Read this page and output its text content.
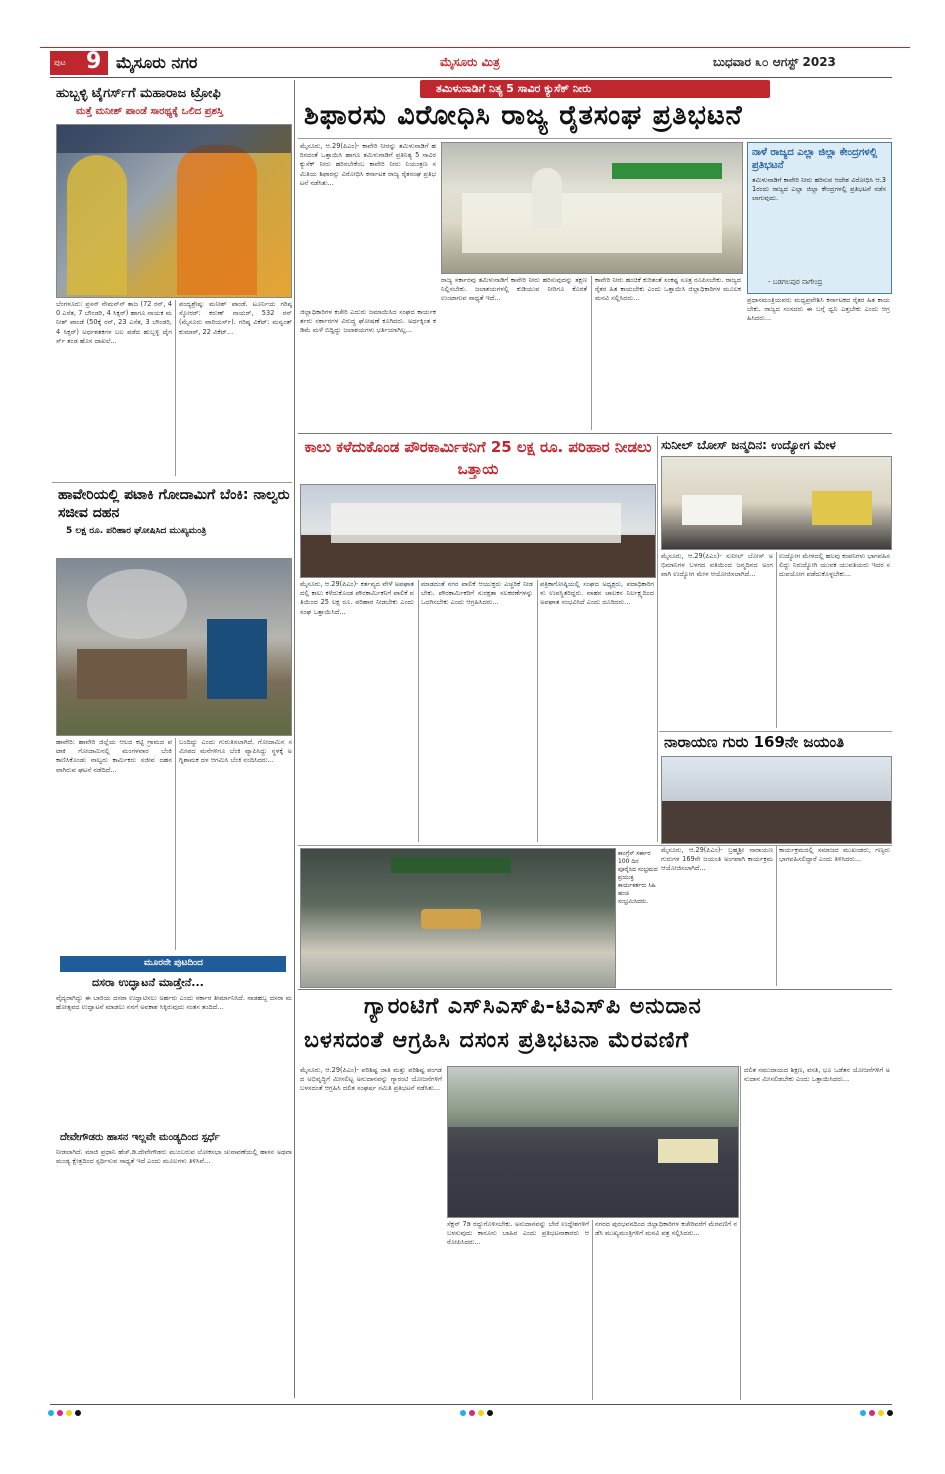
ಪುಟ 9 ಮೈಸೂರು ನಗರ	ಮೈಸೂರು ಮಿತ್ರ	ಬುಧವಾರ ೩೦ ಆಗಸ್ಟ್ 2023
ಹುಬ್ಬಳ್ಳಿ ಟೈಗರ್ಸ್‌ಗೆ ಮಹಾರಾಜ ಟ್ರೋಫಿ
ಮತ್ತೆ ಮನೀಶ್ ಪಾಂಡೆ ಸಾರಥ್ಯಕ್ಕೆ ಒಲಿದ ಪ್ರಶಸ್ತಿ
ಬೆಂಗಳೂರು: ಪ್ರಸನ್ ನೇಮನ್‌ನ್ ತಾಜ (72 ರನ್, 40 ಎಸೆತ, 7 ಬೌಂಡರಿ, 4 ಸಿಕ್ಸರ್) ಹಾಗೂ ನಾಯಕ ಮನೀಶ್ ಪಾಂಡೆ (50ಕ್ಕೆ ರನ್, 23 ಎಸೆತ, 3 ಬೌಂಡರಿ, 4 ಸಿಕ್ಸರ್) ಅರ್ಧಶತಕಗಳ ಬಲ ಪಡೆದ ಹುಬ್ಬಳ್ಳಿ ಟೈಗರ್ಸ್ ತಂಡ ಹೊಸ ದಾಖಲೆ...
ಪಂದ್ಯಶ್ರೇಷ್ಠ: ಮನೀಶ್ ಪಾಂಡೆ. ಟೂರ್ನಿಯ ಗರಿಷ್ಠ ಸ್ಕೋರರ್: ಕರುಣ್ ನಾಯರ್, 532 ರನ್ (ಮೈಸೂರು ವಾರಿಯರ್ಸ್). ಗರಿಷ್ಠ ವಿಕೆಟ್: ಮನ್ವಂತ್ ಕುಮಾರ್, 22 ವಿಕೆಟ್...
ಹಾವೇರಿಯಲ್ಲಿ ಪಟಾಕಿ ಗೋದಾಮಿಗೆ ಬೆಂಕಿ: ನಾಲ್ವರು ಸಜೀವ ದಹನ
5 ಲಕ್ಷ ರೂ. ಪರಿಹಾರ ಘೋಷಿಸಿದ ಮುಖ್ಯಮಂತ್ರಿ
ಹಾವೇರಿ: ಹಾವೇರಿ ಜಿಲ್ಲೆಯ ಆಲದ ಕಟ್ಟಿ ಗ್ರಾಮದ ಪಟಾಕಿ ಗೋದಾಮಿನಲ್ಲಿ ಮಂಗಳವಾರ ಬೆಂಕಿ ಕಾಣಿಸಿಕೊಂಡು ನಾಲ್ವರು ಕಾರ್ಮಿಕರು ಸಜೀವ ದಹನವಾಗಿರುವ ಘಟನೆ ನಡೆದಿದೆ...
ಬಂದಿದ್ದು ಎಂದು ಗುರುತಿಸಲಾಗಿದೆ. ಗೋದಾಮಿನ ಸಮೀಪದ ಮನೆಗಳಿಗೂ ಬೆಂಕಿ ವ್ಯಾಪಿಸಿದ್ದು ಸ್ಥಳಕ್ಕೆ ಅಗ್ನಿಶಾಮಕ ದಳ ಆಗಮಿಸಿ ಬೆಂಕಿ ನಂದಿಸಿದರು...
ಮೂರನೇ ಪುಟದಿಂದ
ದಸರಾ ಉದ್ಘಾಟನೆ ಮಾಡ್ತೇನೆ...
ವೈದ್ಯರಾಗಿದ್ದು ಈ ಬಾರಿಯ ದಸರಾ ಉದ್ಘಾಟಿಸಲು ಅರ್ಹರು ಎಂದು ಸರ್ಕಾರ ತೀರ್ಮಾನಿಸಿದೆ. ನಾಡಹಬ್ಬ ದಸರಾ ಮಹೋತ್ಸವದ ಉದ್ಘಾಟನೆ ಮಾಡಲು ನನಗೆ ಅವಕಾಶ ಸಿಕ್ಕಿರುವುದು ಸಂತಸ ತಂದಿದೆ...
ದೇವೇಗೌಡರು ಹಾಸನ ಇಲ್ಲವೇ ಮಂಡ್ಯದಿಂದ ಸ್ಪರ್ಧೆ
ನೀಡಲಾಗಿದೆ. ಮಾಜಿ ಪ್ರಧಾನಿ ಹೆಚ್.ಡಿ.ದೇವೇಗೌಡರು ಮುಂಬರುವ ಲೋಕಸಭಾ ಚುನಾವಣೆಯಲ್ಲಿ ಹಾಸನ ಅಥವಾ ಮಂಡ್ಯ ಕ್ಷೇತ್ರದಿಂದ ಸ್ಪರ್ಧಿಸುವ ಸಾಧ್ಯತೆ ಇದೆ ಎಂದು ಮೂಲಗಳು ತಿಳಿಸಿವೆ...
ತಮಿಳುನಾಡಿಗೆ ನಿತ್ಯ 5 ಸಾವಿರ ಕ್ಯುಸೆಕ್ ನೀರು
ಶಿಫಾರಸು ವಿರೋಧಿಸಿ ರಾಜ್ಯ ರೈತಸಂಘ ಪ್ರತಿಭಟನೆ
ಮೈಸೂರು, ಆ.29(ಪಿಎಂ)- ಕಾವೇರಿ ನೀರನ್ನು ತಮಿಳುನಾಡಿಗೆ ಹರಿಸದಂತೆ ಒತ್ತಾಯಿಸಿ ಹಾಗೂ ತಮಿಳುನಾಡಿಗೆ ಪ್ರತಿನಿತ್ಯ 5 ಸಾವಿರ ಕ್ಯುಸೆಕ್ ನೀರು ಹರಿಸಬೇಕೆಂಬ ಕಾವೇರಿ ನೀರು ನಿಯಂತ್ರಣ ಸಮಿತಿಯ ಶಿಫಾರಸ್ಸು ವಿರೋಧಿಸಿ ಕರ್ನಾಟಕ ರಾಜ್ಯ ರೈತಸಂಘ ಪ್ರತಿಭಟನೆ ನಡೆಸಿತು...
ಜಿಲ್ಲಾಧಿಕಾರಿಗಳ ಕಚೇರಿ ಎದುರು ಜಮಾಯಿಸಿದ ಸಂಘದ ಕಾರ್ಯಕರ್ತರು ಸರ್ಕಾರಗಳ ವಿರುದ್ಧ ಘೋಷಣೆ ಕೂಗಿದರು. ಅರ್ಧಕ್ಕಿಂತ ಕಡಿಮೆ ಮಳೆ ಬಿದ್ದಿದ್ದು ಜಲಾಶಯಗಳು ಭರ್ತಿಯಾಗಿಲ್ಲ...
ರಾಜ್ಯ ಸರ್ಕಾರವು ತಮಿಳುನಾಡಿಗೆ ಕಾವೇರಿ ನೀರು ಹರಿಸುವುದನ್ನು ತಕ್ಷಣ ನಿಲ್ಲಿಸಬೇಕು. ಜಲಾಶಯಗಳಲ್ಲಿ ಕುಡಿಯುವ ನೀರಿಗೂ ಕೊರತೆ ಉಂಟಾಗುವ ಸಾಧ್ಯತೆ ಇದೆ...
ಕಾವೇರಿ ನೀರು ಹಂಚಿಕೆ ಕುರಿತಂತೆ ಸಂಕಷ್ಟ ಸೂತ್ರ ರೂಪಿಸಬೇಕು. ರಾಜ್ಯದ ರೈತರ ಹಿತ ಕಾಯಬೇಕು ಎಂದು ಒತ್ತಾಯಿಸಿ ಜಿಲ್ಲಾಧಿಕಾರಿಗಳ ಮೂಲಕ ಮನವಿ ಸಲ್ಲಿಸಿದರು...
ನಾಳೆ ರಾಜ್ಯದ ಎಲ್ಲಾ ಜಿಲ್ಲಾ ಕೇಂದ್ರಗಳಲ್ಲಿ ಪ್ರತಿಭಟನೆ
ತಮಿಳುನಾಡಿಗೆ ಕಾವೇರಿ ನೀರು ಹರಿಸುವ ಆದೇಶ ವಿರೋಧಿಸಿ ಆ.31ರಂದು ರಾಜ್ಯದ ಎಲ್ಲಾ ಜಿಲ್ಲಾ ಕೇಂದ್ರಗಳಲ್ಲಿ ಪ್ರತಿಭಟನೆ ನಡೆಸಲಾಗುವುದು.
- ಬಡಗಲಪುರ ನಾಗೇಂದ್ರ
ಪ್ರಧಾನಮಂತ್ರಿಯವರು ಮಧ್ಯಪ್ರವೇಶಿಸಿ ಕರ್ನಾಟಕದ ರೈತರ ಹಿತ ಕಾಯಬೇಕು. ರಾಜ್ಯದ ಸಂಸದರು ಈ ಬಗ್ಗೆ ಧ್ವನಿ ಎತ್ತಬೇಕು ಎಂದು ಆಗ್ರಹಿಸಿದರು...
ಕಾಲು ಕಳೆದುಕೊಂಡ ಪೌರಕಾರ್ಮಿಕನಿಗೆ 25 ಲಕ್ಷ ರೂ. ಪರಿಹಾರ ನೀಡಲು ಒತ್ತಾಯ
ಮೈಸೂರು, ಆ.29(ಪಿಎಂ)- ಕರ್ತವ್ಯದ ವೇಳೆ ಅಪಘಾತದಲ್ಲಿ ಕಾಲು ಕಳೆದುಕೊಂಡ ಪೌರಕಾರ್ಮಿಕನಿಗೆ ಪಾಲಿಕೆ ವತಿಯಿಂದ 25 ಲಕ್ಷ ರೂ. ಪರಿಹಾರ ನೀಡಬೇಕು ಎಂದು ಸಂಘ ಒತ್ತಾಯಿಸಿದೆ...
ಮಾಡದಂತೆ ನಗರ ಪಾಲಿಕೆ ಆಯುಕ್ತರು ಎಚ್ಚರಿಕೆ ನೀಡಬೇಕು. ಪೌರಕಾರ್ಮಿಕರಿಗೆ ಸುರಕ್ಷತಾ ಸಲಕರಣೆಗಳನ್ನು ಒದಗಿಸಬೇಕು ಎಂದು ಆಗ್ರಹಿಸಿದರು...
ಪತ್ರಿಕಾಗೋಷ್ಠಿಯಲ್ಲಿ ಸಂಘದ ಅಧ್ಯಕ್ಷರು, ಪದಾಧಿಕಾರಿಗಳು ಉಪಸ್ಥಿತರಿದ್ದರು. ವಾಹನ ಚಾಲಕನ ನಿರ್ಲಕ್ಷ್ಯದಿಂದ ಅಪಘಾತ ಸಂಭವಿಸಿದೆ ಎಂದು ದೂರಿದರು...
ಸುನೀಲ್ ಬೋಸ್ ಜನ್ಮದಿನ: ಉದ್ಯೋಗ ಮೇಳ
ಮೈಸೂರು, ಆ.29(ಪಿಎಂ)- ಸುನೀಲ್ ಬೋಸ್ ಅಭಿಮಾನಿಗಳ ಬಳಗದ ವತಿಯಿಂದ ಜನ್ಮದಿನದ ಅಂಗವಾಗಿ ಉದ್ಯೋಗ ಮೇಳ ಆಯೋಜಿಸಲಾಗಿದೆ...
ಉದ್ಯೋಗ ಮೇಳದಲ್ಲಿ ಹಲವು ಕಂಪನಿಗಳು ಭಾಗವಹಿಸಲಿದ್ದು ನಿರುದ್ಯೋಗಿ ಯುವಕ ಯುವತಿಯರು ಇದರ ಸದುಪಯೋಗ ಪಡೆದುಕೊಳ್ಳಬೇಕು...
ನಾರಾಯಣ ಗುರು 169ನೇ ಜಯಂತಿ
ಕಾಂಗ್ರೆಸ್ ಸರ್ಕಾರ 100 ದಿನ ಪೂರೈಸಿದ ಸಂಭ್ರಮದ ಪ್ರಯುಕ್ತ ಕಾರ್ಯಕರ್ತರು ಸಿಹಿ ಹಂಚಿ ಸಂಭ್ರಮಿಸಿದರು.
ಮೈಸೂರು, ಆ.29(ಪಿಎಂ)- ಬ್ರಹ್ಮಶ್ರೀ ನಾರಾಯಣ ಗುರುಗಳ 169ನೇ ಜಯಂತಿ ಅಂಗವಾಗಿ ಕಾರ್ಯಕ್ರಮ ಆಯೋಜಿಸಲಾಗಿದೆ...
ಕಾರ್ಯಕ್ರಮದಲ್ಲಿ ಸಮಾಜದ ಮುಖಂಡರು, ಗಣ್ಯರು ಭಾಗವಹಿಸಲಿದ್ದಾರೆ ಎಂದು ತಿಳಿಸಿದರು...
ಗ್ಯಾರಂಟಿಗೆ ಎಸ್‌ಸಿಎಸ್‌ಪಿ-ಟಿಎಸ್‌ಪಿ ಅನುದಾನ
ಬಳಸದಂತೆ ಆಗ್ರಹಿಸಿ ದಸಂಸ ಪ್ರತಿಭಟನಾ ಮೆರವಣಿಗೆ
ಮೈಸೂರು, ಆ.29(ಪಿಎಂ)- ಪರಿಶಿಷ್ಟ ಜಾತಿ ಮತ್ತು ಪರಿಶಿಷ್ಟ ಪಂಗಡದ ಅಭಿವೃದ್ಧಿಗೆ ಮೀಸಲಿಟ್ಟ ಅನುದಾನವನ್ನು ಗ್ಯಾರಂಟಿ ಯೋಜನೆಗಳಿಗೆ ಬಳಸದಂತೆ ಆಗ್ರಹಿಸಿ ದಲಿತ ಸಂಘರ್ಷ ಸಮಿತಿ ಪ್ರತಿಭಟನೆ ನಡೆಸಿತು...
ಸೆಕ್ಷನ್ 7ಡಿ ರದ್ದುಗೊಳಿಸಬೇಕು. ಅನುದಾನವನ್ನು ಬೇರೆ ಉದ್ದೇಶಗಳಿಗೆ ಬಳಸುವುದು ಕಾನೂನು ಬಾಹಿರ ಎಂದು ಪ್ರತಿಭಟನಾಕಾರರು ಆರೋಪಿಸಿದರು...
ನಗರದ ಪುರಭವನದಿಂದ ಜಿಲ್ಲಾಧಿಕಾರಿಗಳ ಕಚೇರಿವರೆಗೆ ಮೆರವಣಿಗೆ ನಡೆಸಿ ಮುಖ್ಯಮಂತ್ರಿಗಳಿಗೆ ಮನವಿ ಪತ್ರ ಸಲ್ಲಿಸಿದರು...
ದಲಿತ ಸಮುದಾಯದ ಶಿಕ್ಷಣ, ವಸತಿ, ಭೂ ಒಡೆತನ ಯೋಜನೆಗಳಿಗೆ ಅನುದಾನ ಮೀಸಲಿಡಬೇಕು ಎಂದು ಒತ್ತಾಯಿಸಿದರು...
